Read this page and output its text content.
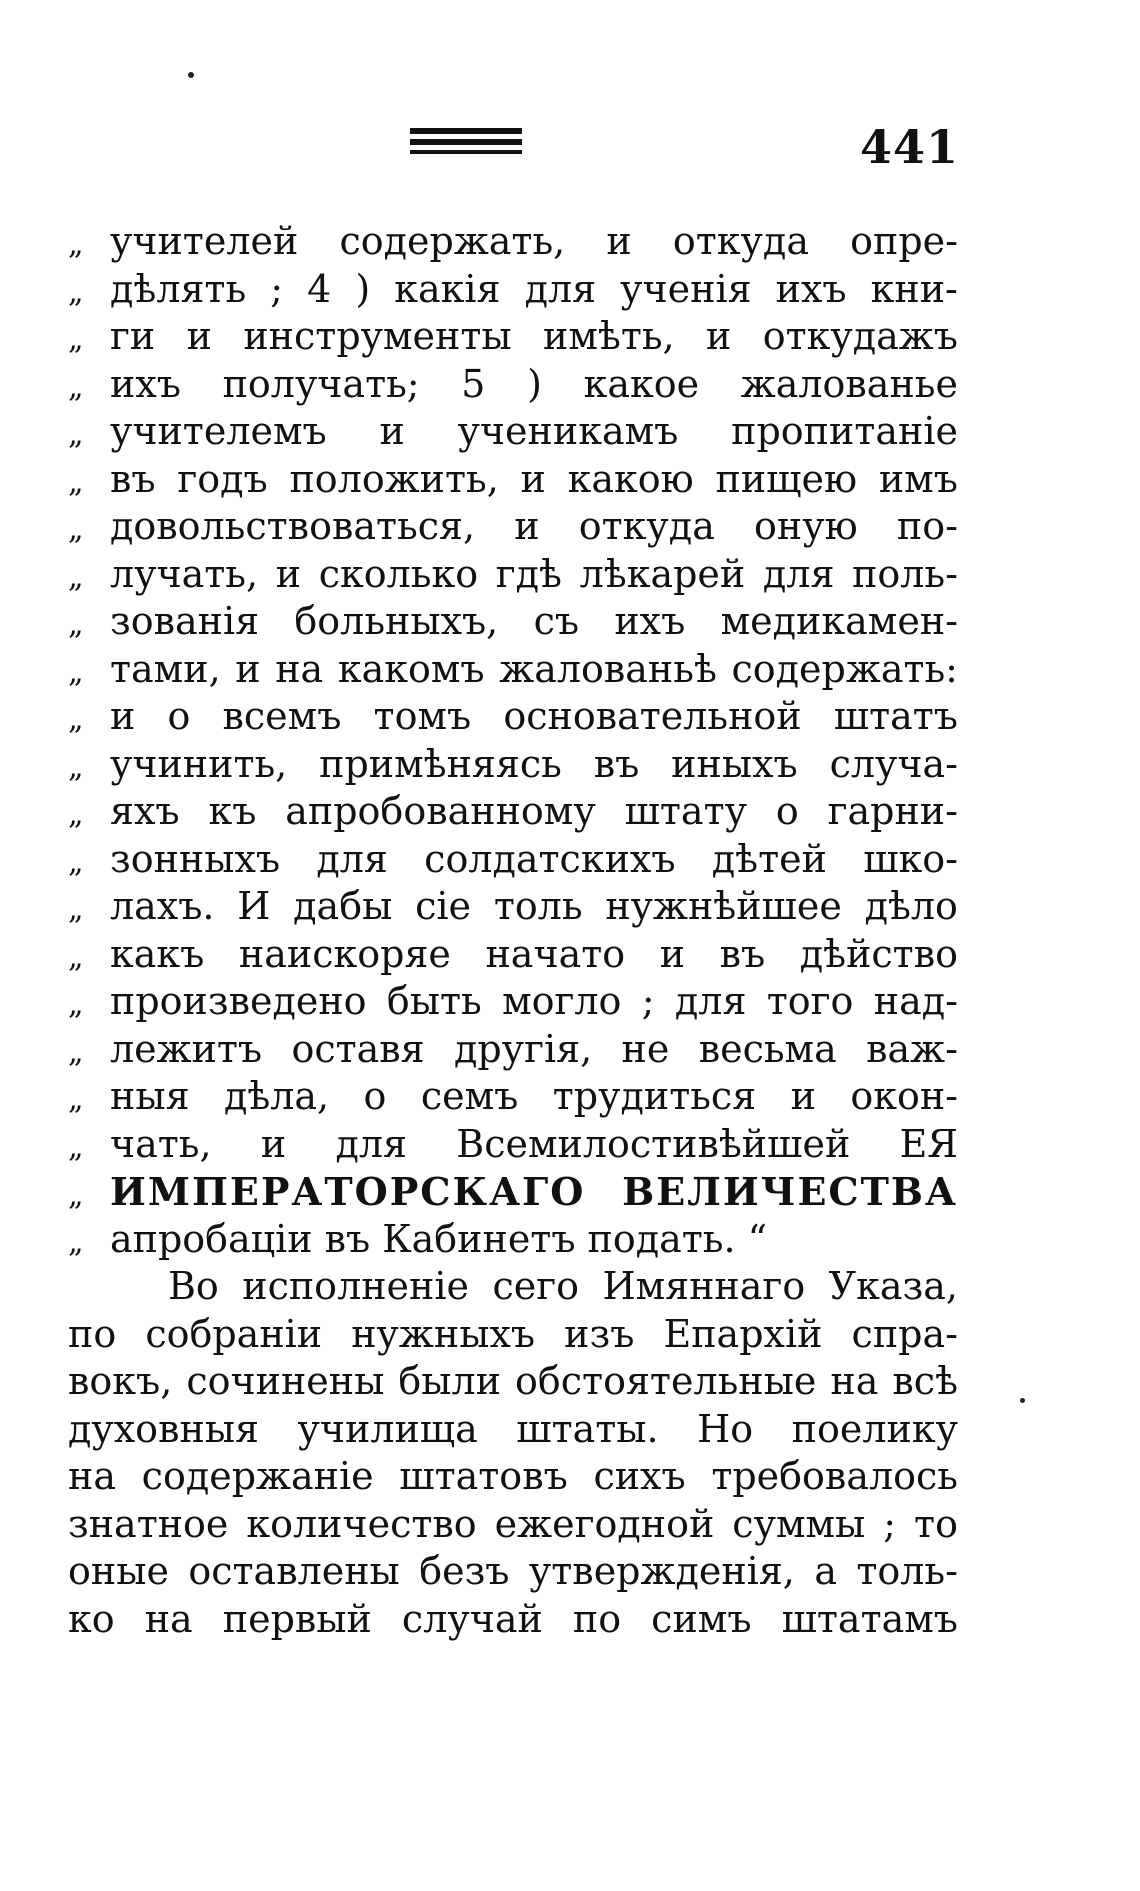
441
„ учителей содержать, и откуда опре-
„ дѣлять ; 4 ) какія для ученія ихъ кни-
„ ги и инструменты имѣть, и откудажъ
„ ихъ получать; 5 ) какое жалованье
„ учителемъ и ученикамъ пропитаніе
„ въ годъ положить, и какою пищею имъ
„ довольствоваться, и откуда оную по-
„ лучать, и сколько гдѣ лѣкарей для поль-
„ зованія больныхъ, съ ихъ медикамен-
„ тами, и на какомъ жалованьѣ содержать:
„ и о всемъ томъ основательной штатъ
„ учинить, примѣняясь въ иныхъ случа-
„ яхъ къ апробованному штату о гарни-
„ зонныхъ для солдатскихъ дѣтей шко-
„ лахъ. И дабы сіе толь нужнѣйшее дѣло
„ какъ наискоряе начато и въ дѣйство
„ произведено быть могло ; для того над-
„ лежитъ оставя другія, не весьма важ-
„ ныя дѣла, о семъ трудиться и окон-
„ чать, и для Всемилостивѣйшей ЕЯ
„ ИМПЕРАТОРСКАГО ВЕЛИЧЕСТВА
„ апробаціи въ Кабинетъ подать. “
Во исполненіе сего Имяннаго Указа,
по собраніи нужныхъ изъ Епархій спра-
вокъ, сочинены были обстоятельные на всѣ
духовныя училища штаты. Но поелику
на содержаніе штатовъ сихъ требовалось
знатное количество ежегодной суммы ; то
оные оставлены безъ утвержденія, а толь-
ко на первый случай по симъ штатамъ
